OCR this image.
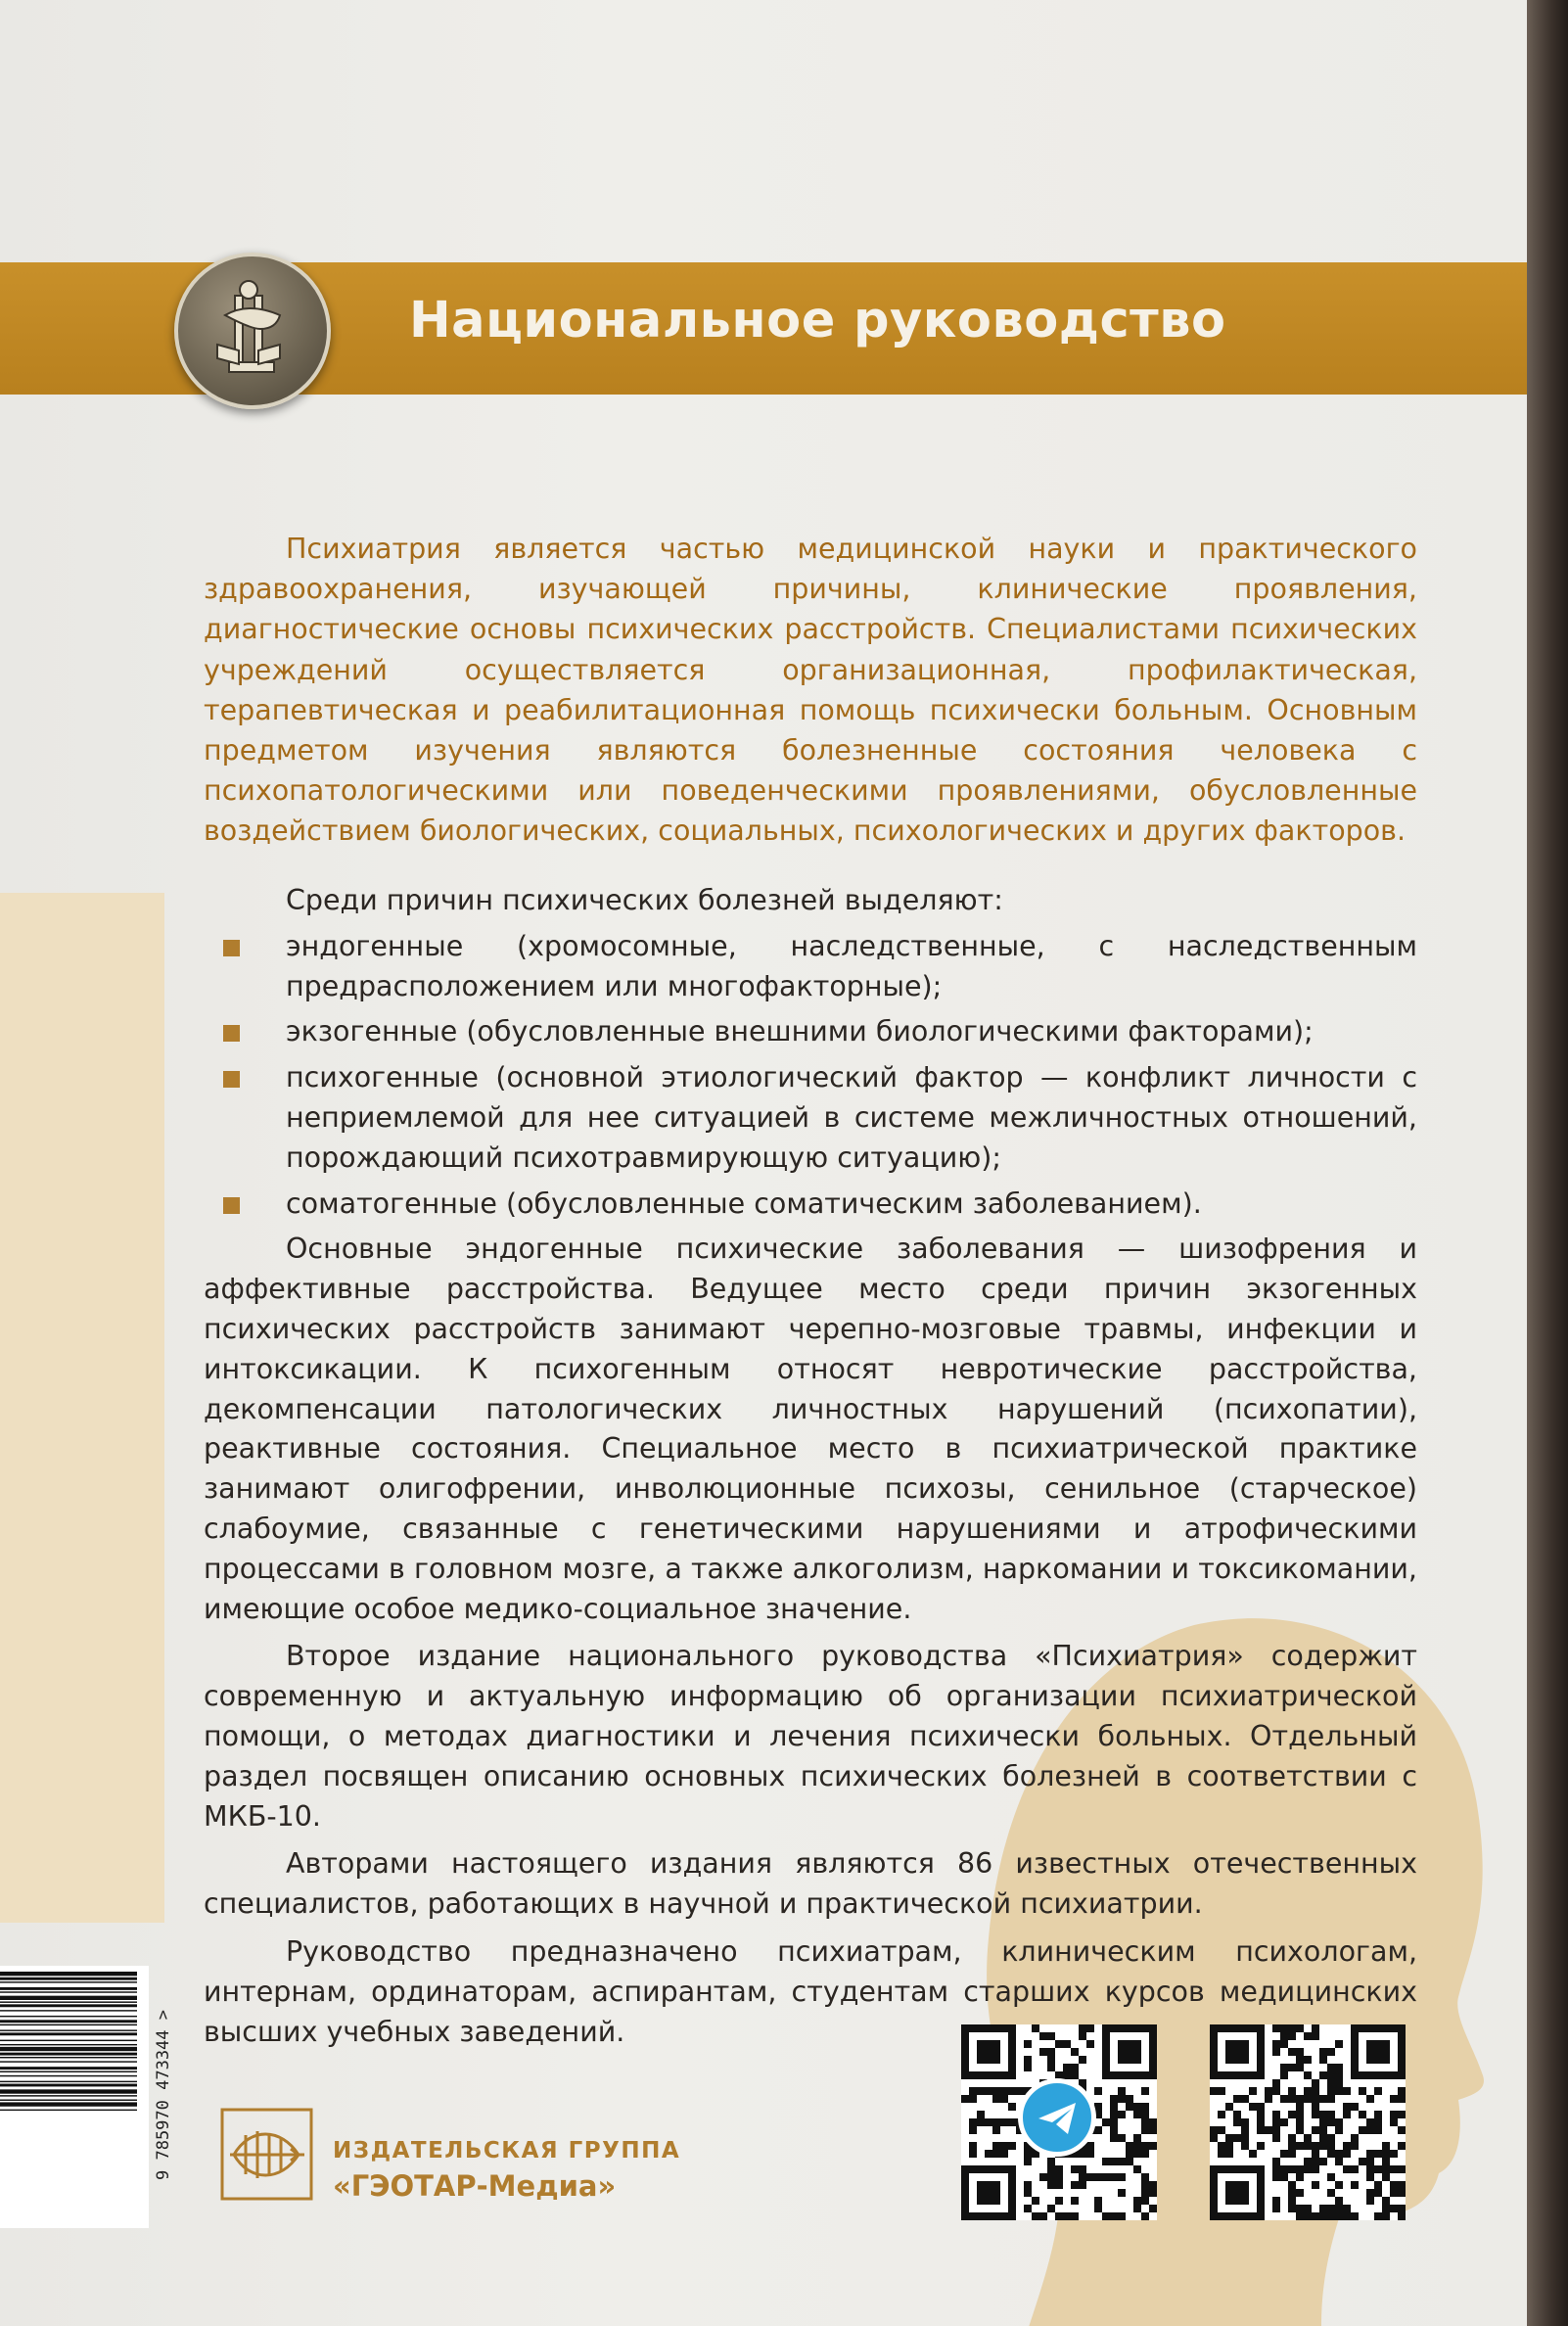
Национальное руководство

Психиатрия является частью медицинской науки и практического здравоохранения, изучающей причины, клинические проявления, диагностические основы психических расстройств. Специалистами психических учреждений осуществляется организационная, профилактическая, терапевтическая и реабилитационная помощь психически больным. Основным предметом изучения являются болезненные состояния человека с психопатологическими или поведенческими проявлениями, обусловленные воздействием биологических, социальных, психологических и других факторов.

Среди причин психических болезней выделяют:

эндогенные (хромосомные, наследственные, с наследственным предрасположением или многофакторные);
экзогенные (обусловленные внешними биологическими факторами);
психогенные (основной этиологический фактор — конфликт личности с неприемлемой для нее ситуацией в системе межличностных отношений, порождающий психотравмирующую ситуацию);
соматогенные (обусловленные соматическим заболеванием).

Основные эндогенные психические заболевания — шизофрения и аффективные расстройства. Ведущее место среди причин экзогенных психических расстройств занимают черепно-мозговые травмы, инфекции и интоксикации. К психогенным относят невротические расстройства, декомпенсации патологических личностных нарушений (психопатии), реактивные состояния. Специальное место в психиатрической практике занимают олигофрении, инволюционные психозы, сенильное (старческое) слабоумие, связанные с генетическими нарушениями и атрофическими процессами в головном мозге, а также алкоголизм, наркомании и токсикомании, имеющие особое медико-социальное значение.

Второе издание национального руководства «Психиатрия» содержит современную и актуальную информацию об организации психиатрической помощи, о методах диагностики и лечения психически больных. Отдельный раздел посвящен описанию основных психических болезней в соответствии с МКБ-10.

Авторами настоящего издания являются 86 известных отечественных специалистов, работающих в научной и практической психиатрии.

Руководство предназначено психиатрам, клиническим психологам, интернам, ординаторам, аспирантам, студентам старших курсов медицинских высших учебных заведений.

9 785970 473344 >	ИЗДАТЕЛЬСКАЯ ГРУППА
«ГЭОТАР-Медиа»
